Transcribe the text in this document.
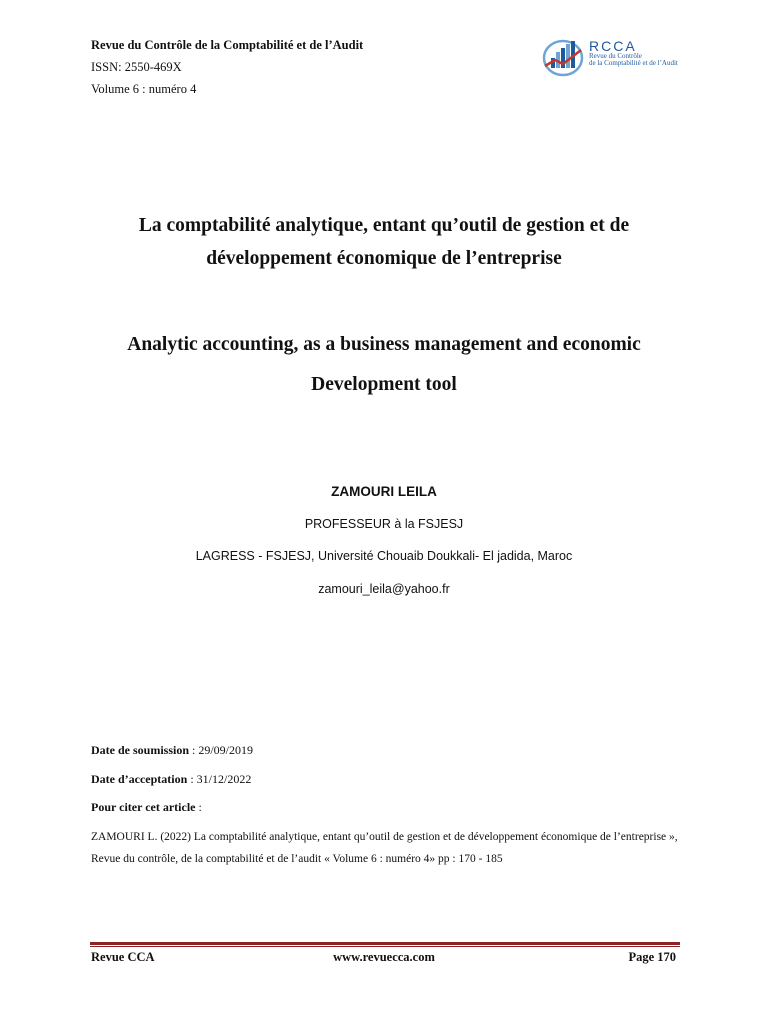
Revue du Contrôle de la Comptabilité et de l’Audit
ISSN: 2550-469X
Volume 6 : numéro 4
RCCA
Revue du Contrôle
de la Comptabilité et de l’Audit
La comptabilité analytique, entant qu’outil de gestion et de
développement économique de l’entreprise
Analytic accounting, as a business management and economic
Development tool
ZAMOURI LEILA
PROFESSEUR à la FSJESJ
LAGRESS - FSJESJ, Université Chouaib Doukkali- El jadida, Maroc
zamouri_leila@yahoo.fr
Date de soumission : 29/09/2019
Date d’acceptation : 31/12/2022
Pour citer cet article :
ZAMOURI L. (2022) La comptabilité analytique, entant qu’outil de gestion et de développement économique de l’entreprise », Revue du contrôle, de la comptabilité et de l’audit « Volume 6 : numéro 4» pp : 170 - 185
Revue CCA	www.revuecca.com	Page 170
